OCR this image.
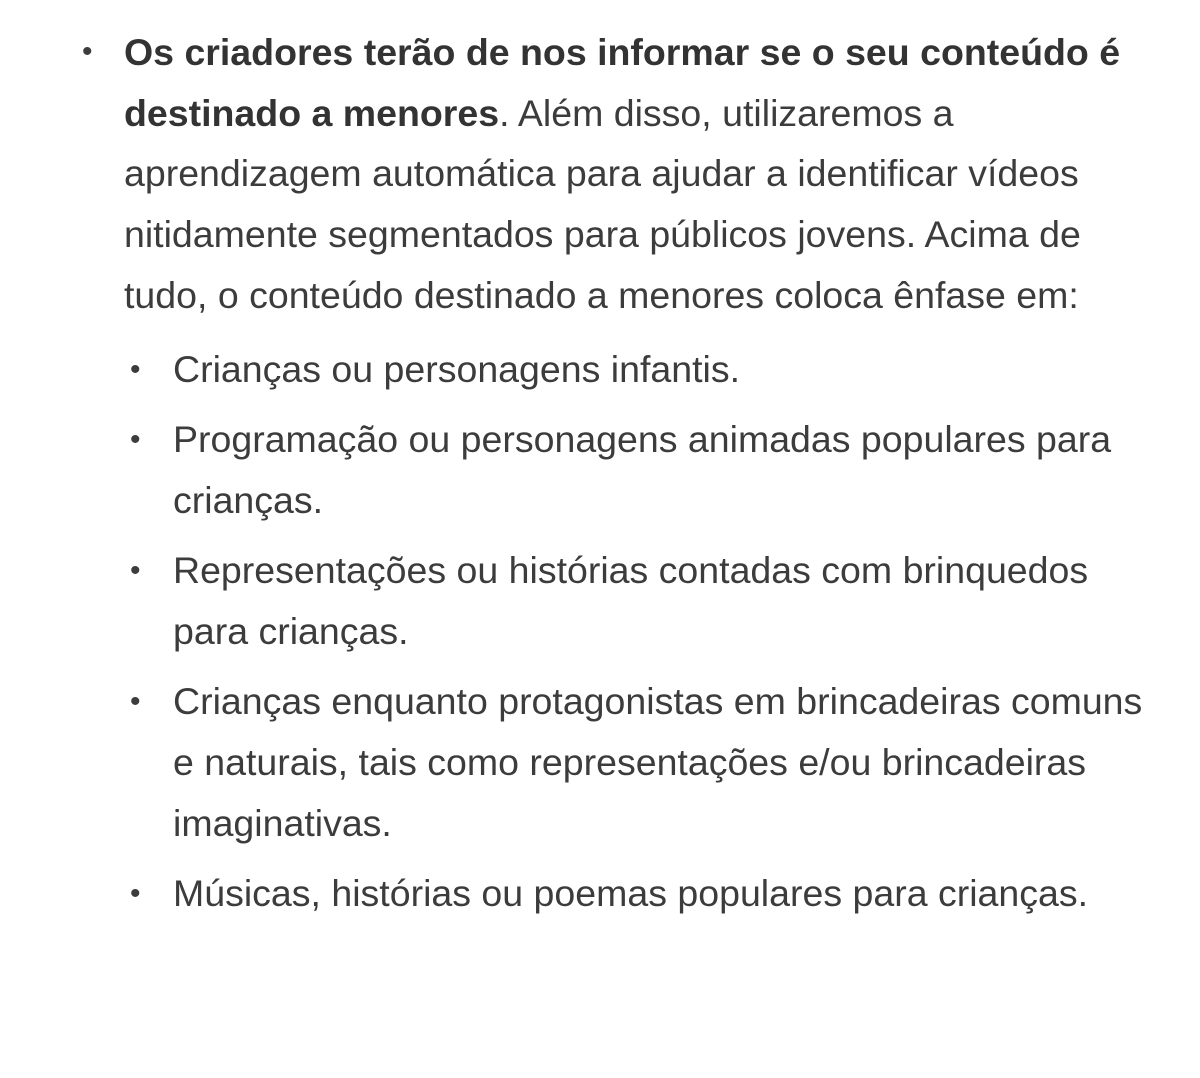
• Os criadores terão de nos informar se o seu conteúdo é destinado a menores. Além disso, utilizaremos a aprendizagem automática para ajudar a identificar vídeos nitidamente segmentados para públicos jovens. Acima de tudo, o conteúdo destinado a menores coloca ênfase em:
• Crianças ou personagens infantis.
• Programação ou personagens animadas populares para crianças.
• Representações ou histórias contadas com brinquedos para crianças.
• Crianças enquanto protagonistas em brincadeiras comuns e naturais, tais como representações e/ou brincadeiras imaginativas.
• Músicas, histórias ou poemas populares para crianças.
